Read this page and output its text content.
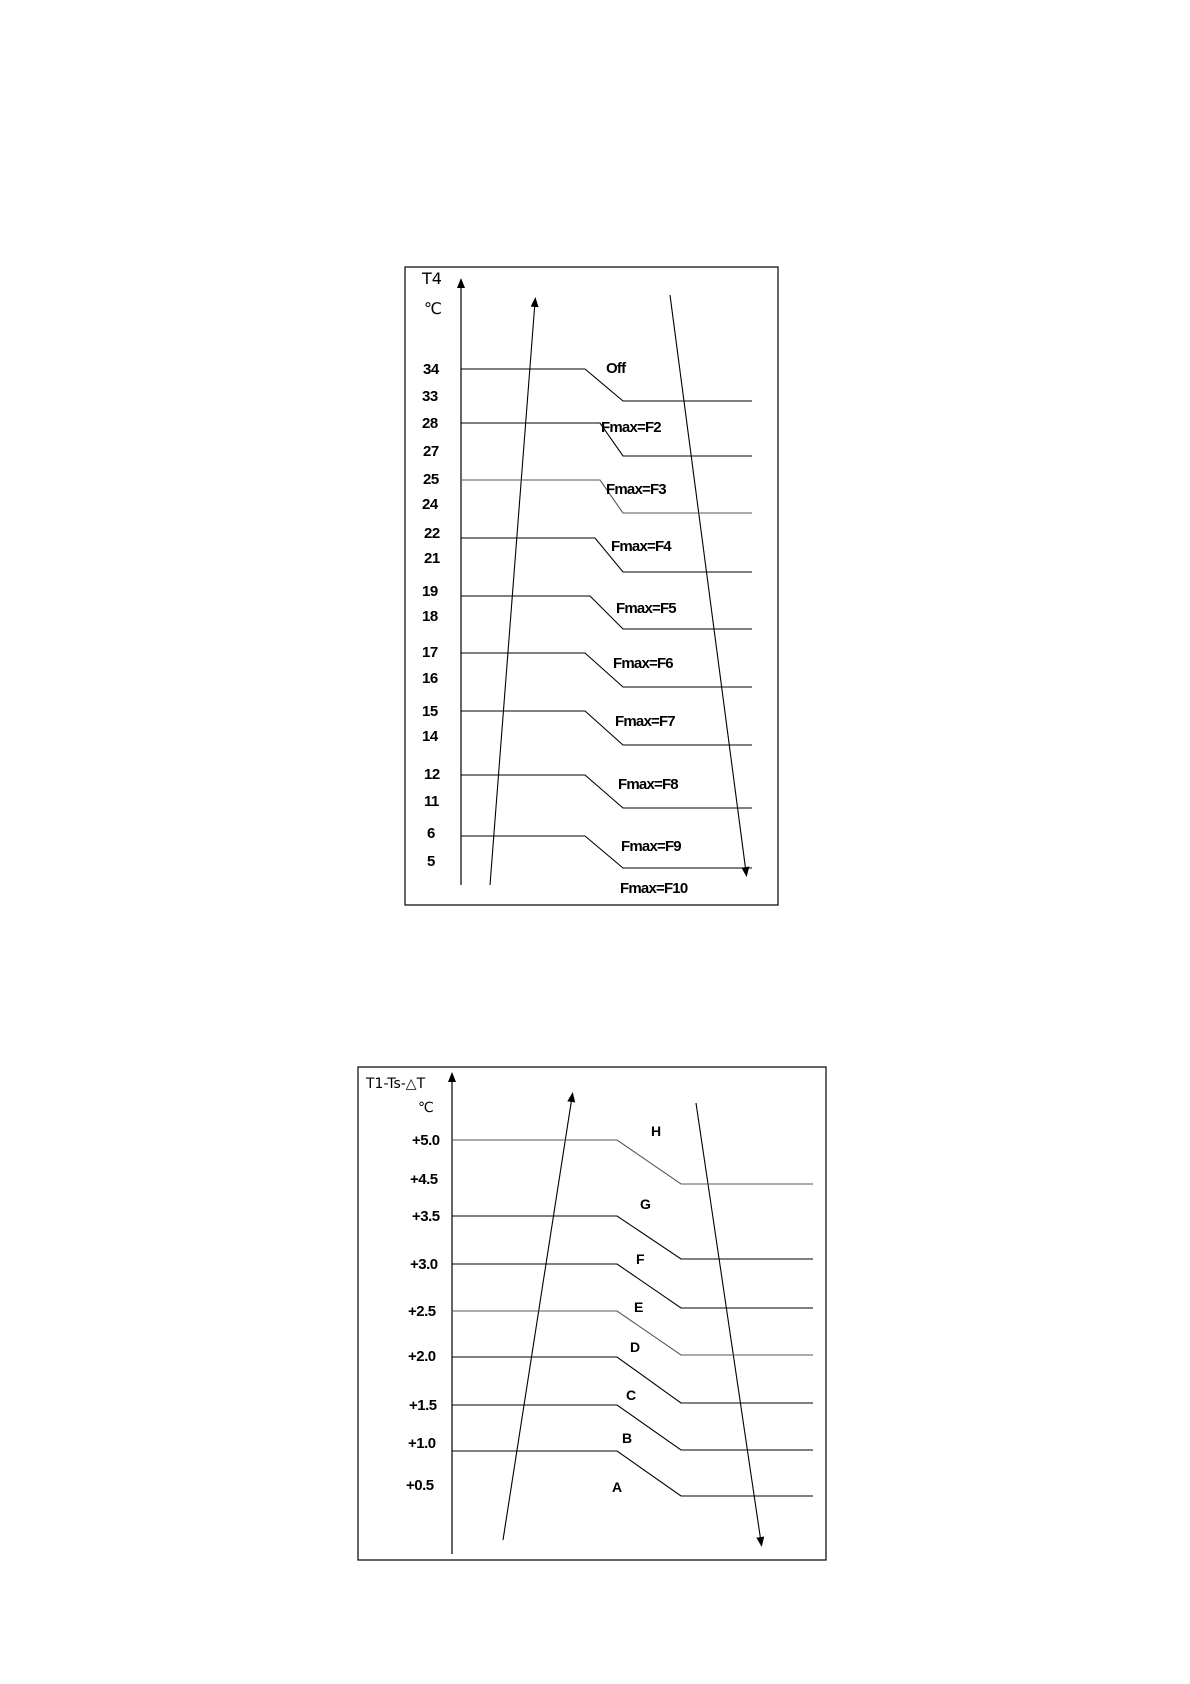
T4
℃
34
33
28
27
25
24
22
21
19
18
17
16
15
14
12
11
6
5
Off
Fmax=F2
Fmax=F3
Fmax=F4
Fmax=F5
Fmax=F6
Fmax=F7
Fmax=F8
Fmax=F9
Fmax=F10
T1-Ts-△T
℃
+5.0
+4.5
+3.5
+3.0
+2.5
+2.0
+1.5
+1.0
+0.5
H
G
F
E
D
C
B
A
